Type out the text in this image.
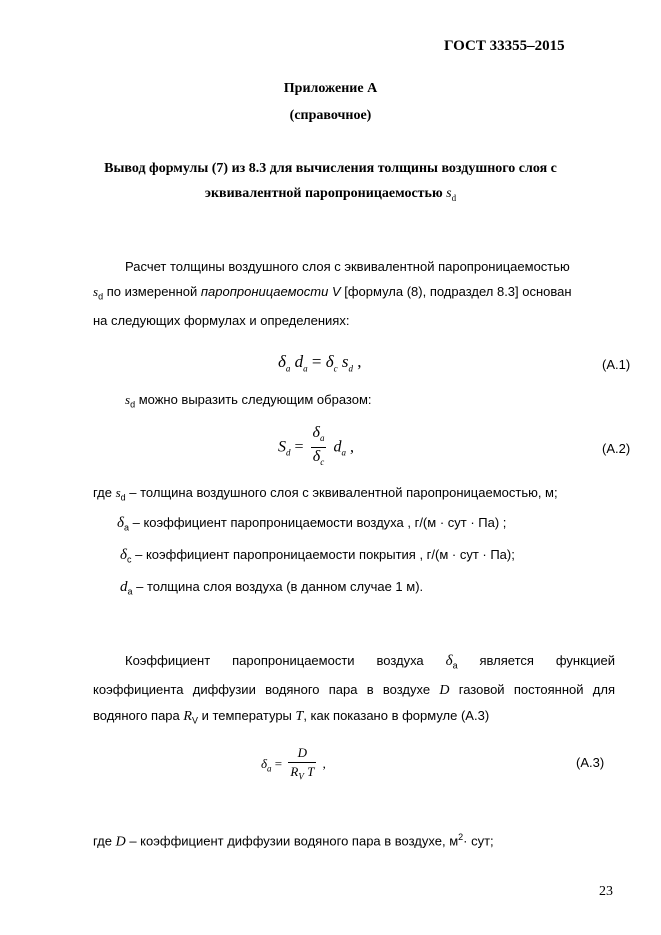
ГОСТ 33355–2015
Приложение А
(справочное)
Вывод формулы (7) из 8.3 для вычисления толщины воздушного слоя с
эквивалентной паропроницаемостью $s_d$
Расчет толщины воздушного слоя с эквивалентной паропроницаемостью
$s_d$ по измеренной паропроницаемости V [формула (8), подраздел 8.3] основан
на следующих формулах и определениях:
$\delta_a$ $d_a = \delta_c$ $s_d$ ,	(A.1)
$s_d$ можно выразить следующим образом:
$S_d = \frac{\delta_a}{\delta_c} d_a$ ,	(A.2)
где $s_d$ – толщина воздушного слоя с эквивалентной паропроницаемостью, м;
$\delta_a$ – коэффициент паропроницаемости воздуха , г/(м · сут · Па) ;
$\delta_c$ – коэффициент паропроницаемости покрытия , г/(м · сут · Па);
$d_a$ – толщина слоя воздуха (в данном случае 1 м).
Коэффициент паропроницаемости воздуха $\delta_a$ является функцией
коэффициента диффузии водяного пара в воздухе D газовой постоянной для
водяного пара $R_V$ и температуры T, как показано в формуле (A.3)
$\delta_a = \frac{D}{R_V T}$ ,	(A.3)
где D – коэффициент диффузии водяного пара в воздухе, $м^2\cdot$ сут;
23
